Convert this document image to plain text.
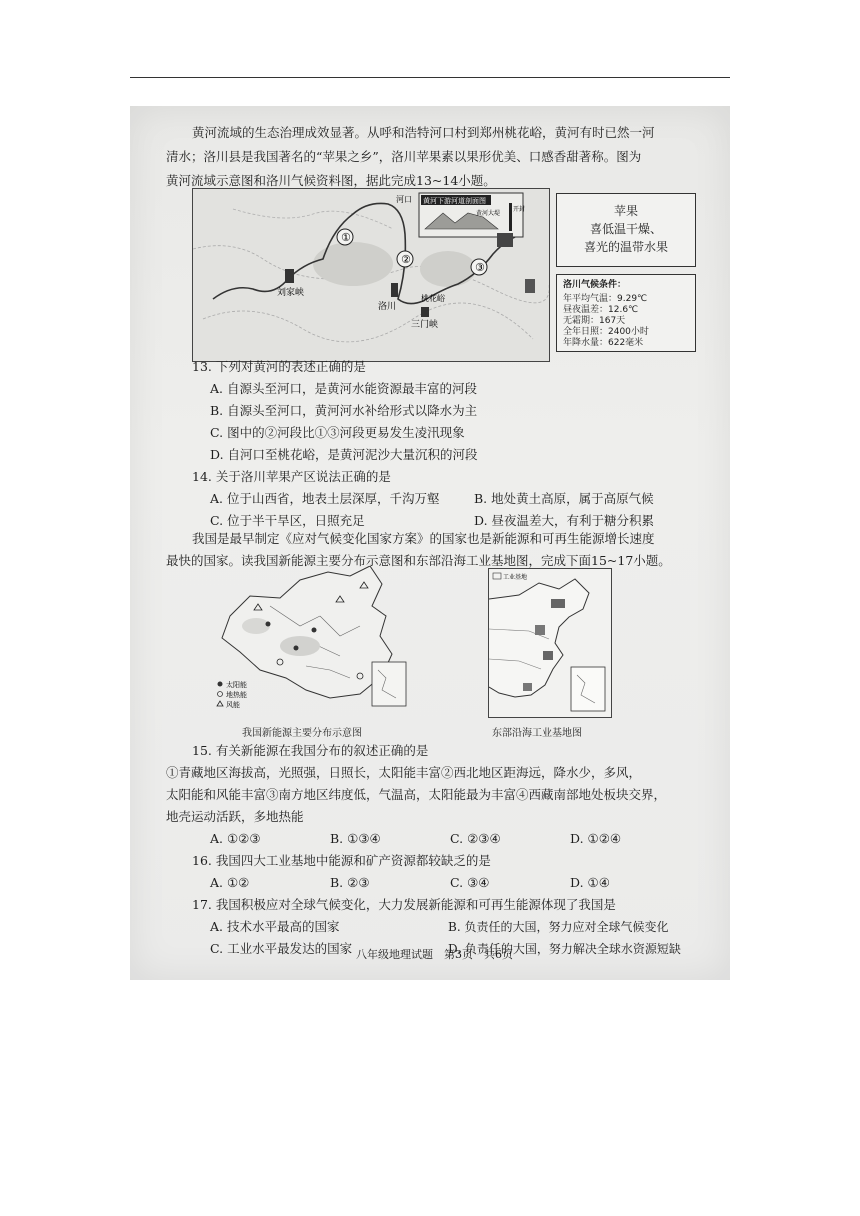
黄河流域的生态治理成效显著。从呼和浩特河口村到郑州桃花峪，黄河有时已然一河
清水；洛川县是我国著名的“苹果之乡”，洛川苹果素以果形优美、口感香甜著称。图为
黄河流域示意图和洛川气候资料图，据此完成13~14小题。
①
②
③
河口
刘家峡
洛川
桃花峪
三门峡
黄河下游河道剖面图
黄河大堤
开封	苹果
喜低温干燥、
喜光的温带水果
洛川气候条件：
年平均气温：9.29℃
昼夜温差：12.6℃
无霜期：167天
全年日照：2400小时
年降水量：622毫米
13. 下列对黄河的表述正确的是
A. 自源头至河口，是黄河水能资源最丰富的河段
B. 自源头至河口，黄河河水补给形式以降水为主
C. 图中的②河段比①③河段更易发生凌汛现象
D. 自河口至桃花峪，是黄河泥沙大量沉积的河段
14. 关于洛川苹果产区说法正确的是
A. 位于山西省，地表土层深厚，千沟万壑	B. 地处黄土高原，属于高原气候
C. 位于半干旱区，日照充足	D. 昼夜温差大，有利于糖分积累
我国是最早制定《应对气候变化国家方案》的国家也是新能源和可再生能源增长速度
最快的国家。读我国新能源主要分布示意图和东部沿海工业基地图，完成下面15~17小题。
太阳能
地热能
风能
我国新能源主要分布示意图
工业基地
东部沿海工业基地图
15. 有关新能源在我国分布的叙述正确的是
①青藏地区海拔高，光照强，日照长，太阳能丰富②西北地区距海远，降水少，多风，
太阳能和风能丰富③南方地区纬度低，气温高，太阳能最为丰富④西藏南部地处板块交界，
地壳运动活跃，多地热能
A. ①②③	B. ①③④	C. ②③④	D. ①②④
16. 我国四大工业基地中能源和矿产资源都较缺乏的是
A. ①②	B. ②③	C. ③④	D. ①④
17. 我国积极应对全球气候变化，大力发展新能源和可再生能源体现了我国是
A. 技术水平最高的国家	B. 负责任的大国，努力应对全球气候变化
C. 工业水平最发达的国家	D. 负责任的大国，努力解决全球水资源短缺
八年级地理试题　第3页　共6页
